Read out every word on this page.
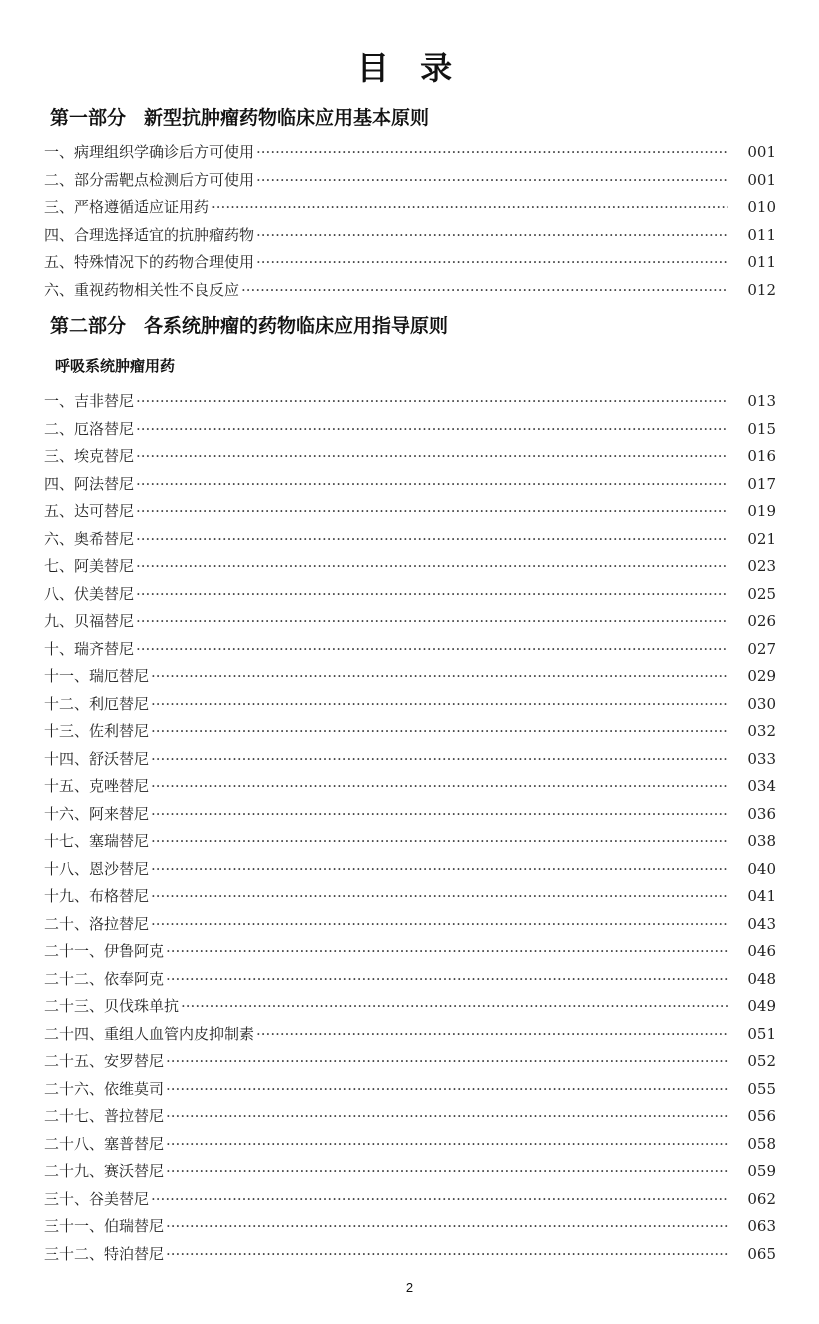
目 录
第一部分 新型抗肿瘤药物临床应用基本原则
一、病理组织学确诊后方可使用 ·····	001
二、部分需靶点检测后方可使用 ·····	001
三、严格遵循适应证用药 ·····	010
四、合理选择适宜的抗肿瘤药物 ·····	011
五、特殊情况下的药物合理使用 ·····	011
六、重视药物相关性不良反应 ·····	012
第二部分 各系统肿瘤的药物临床应用指导原则
呼吸系统肿瘤用药
一、吉非替尼 ·····	013
二、厄洛替尼 ·····	015
三、埃克替尼 ·····	016
四、阿法替尼 ·····	017
五、达可替尼 ·····	019
六、奥希替尼 ·····	021
七、阿美替尼 ·····	023
八、伏美替尼 ·····	025
九、贝福替尼 ·····	026
十、瑞齐替尼 ·····	027
十一、瑞厄替尼 ·····	029
十二、利厄替尼 ·····	030
十三、佐利替尼 ·····	032
十四、舒沃替尼 ·····	033
十五、克唑替尼 ·····	034
十六、阿来替尼 ·····	036
十七、塞瑞替尼 ·····	038
十八、恩沙替尼 ·····	040
十九、布格替尼 ·····	041
二十、洛拉替尼 ·····	043
二十一、伊鲁阿克 ·····	046
二十二、依奉阿克 ·····	048
二十三、贝伐珠单抗 ·····	049
二十四、重组人血管内皮抑制素 ·····	051
二十五、安罗替尼 ·····	052
二十六、依维莫司 ·····	055
二十七、普拉替尼 ·····	056
二十八、塞普替尼 ·····	058
二十九、赛沃替尼 ·····	059
三十、谷美替尼 ·····	062
三十一、伯瑞替尼 ·····	063
三十二、特泊替尼 ·····	065
2
